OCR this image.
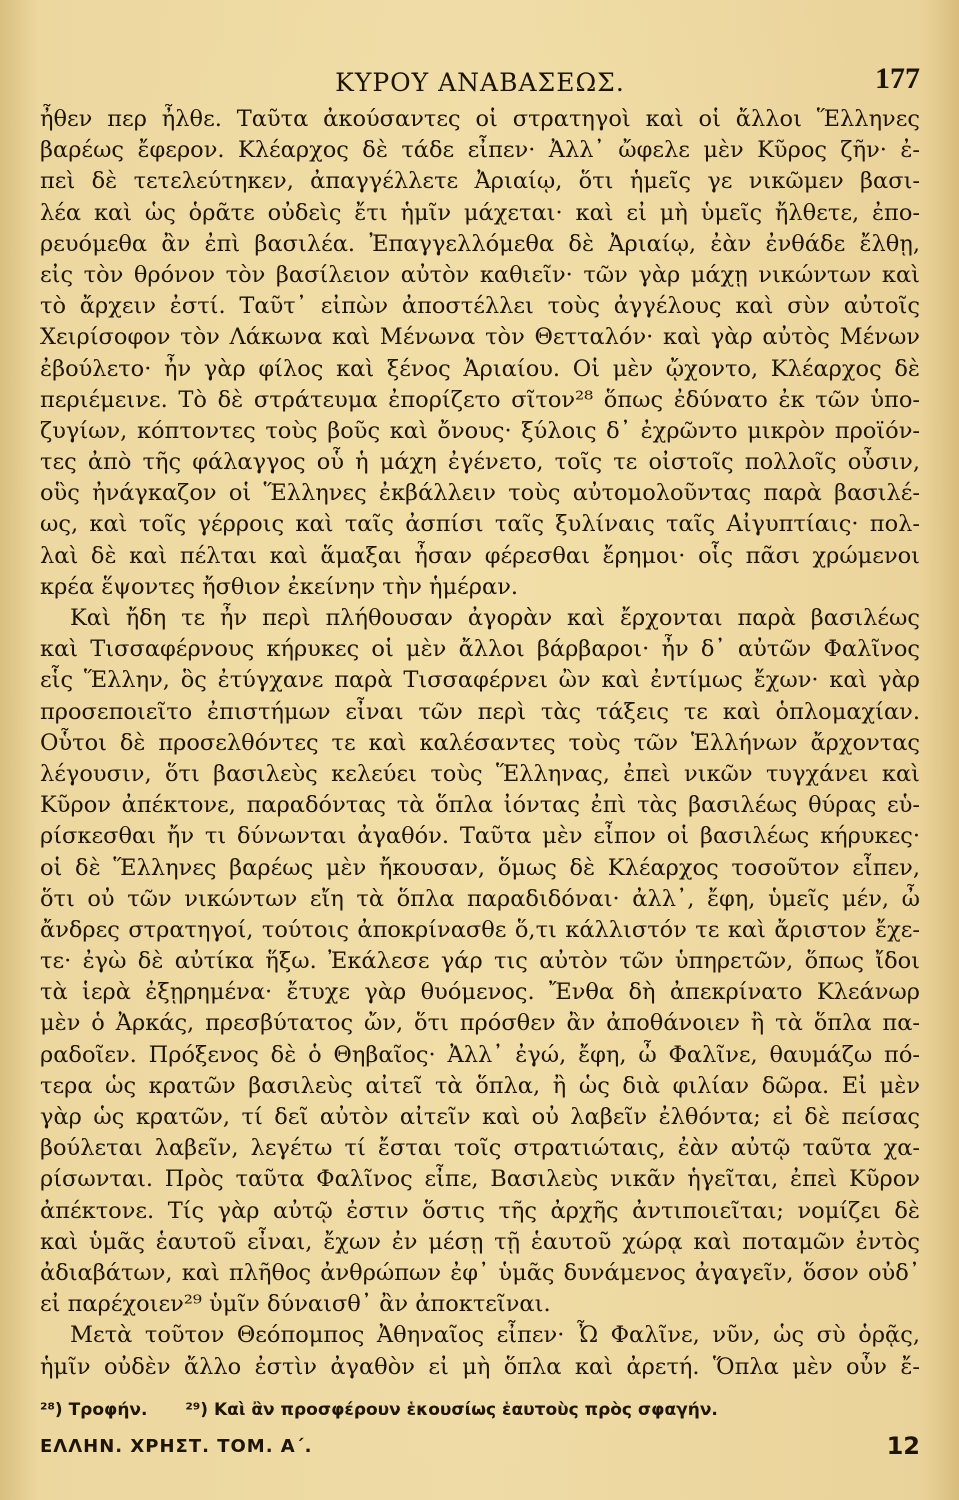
ΚΥΡΟΥ ΑΝΑΒΑΣΕΩΣ.	177
ἦθεν περ ἦλθε. Ταῦτα ἀκούσαντες οἱ στρατηγοὶ καὶ οἱ ἄλλοι Ἕλληνες
βαρέως ἔφερον. Κλέαρχος δὲ τάδε εἶπεν· Ἀλλ᾽ ὤφελε μὲν Κῦρος ζῆν· ἐ-
πεὶ δὲ τετελεύτηκεν, ἀπαγγέλλετε Ἀριαίῳ, ὅτι ἡμεῖς γε νικῶμεν βασι-
λέα καὶ ὡς ὁρᾶτε οὐδεὶς ἔτι ἡμῖν μάχεται· καὶ εἰ μὴ ὑμεῖς ἤλθετε, ἐπο-
ρευόμεθα ἂν ἐπὶ βασιλέα. Ἐπαγγελλόμεθα δὲ Ἀριαίῳ, ἐὰν ἐνθάδε ἔλθῃ,
εἰς τὸν θρόνον τὸν βασίλειον αὐτὸν καθιεῖν· τῶν γὰρ μάχῃ νικώντων καὶ
τὸ ἄρχειν ἐστί. Ταῦτ᾽ εἰπὼν ἀποστέλλει τοὺς ἀγγέλους καὶ σὺν αὐτοῖς
Χειρίσοφον τὸν Λάκωνα καὶ Μένωνα τὸν Θετταλόν· καὶ γὰρ αὐτὸς Μένων
ἐβούλετο· ἦν γὰρ φίλος καὶ ξένος Ἀριαίου. Οἱ μὲν ᾤχοντο, Κλέαρχος δὲ
περιέμεινε. Τὸ δὲ στράτευμα ἐπορίζετο σῖτον²⁸ ὅπως ἐδύνατο ἐκ τῶν ὑπο-
ζυγίων, κόπτοντες τοὺς βοῦς καὶ ὄνους· ξύλοις δ᾽ ἐχρῶντο μικρὸν προϊόν-
τες ἀπὸ τῆς φάλαγγος οὗ ἡ μάχη ἐγένετο, τοῖς τε οἰστοῖς πολλοῖς οὖσιν,
οὓς ἠνάγκαζον οἱ Ἕλληνες ἐκβάλλειν τοὺς αὐτομολοῦντας παρὰ βασιλέ-
ως, καὶ τοῖς γέρροις καὶ ταῖς ἀσπίσι ταῖς ξυλίναις ταῖς Αἰγυπτίαις· πολ-
λαὶ δὲ καὶ πέλται καὶ ἅμαξαι ἦσαν φέρεσθαι ἔρημοι· οἷς πᾶσι χρώμενοι
κρέα ἕψοντες ἤσθιον ἐκείνην τὴν ἡμέραν.
Καὶ ἤδη τε ἦν περὶ πλήθουσαν ἀγορὰν καὶ ἔρχονται παρὰ βασιλέως
καὶ Τισσαφέρνους κήρυκες οἱ μὲν ἄλλοι βάρβαροι· ἦν δ᾽ αὐτῶν Φαλῖνος
εἷς Ἕλλην, ὃς ἐτύγχανε παρὰ Τισσαφέρνει ὢν καὶ ἐντίμως ἔχων· καὶ γὰρ
προσεποιεῖτο ἐπιστήμων εἶναι τῶν περὶ τὰς τάξεις τε καὶ ὁπλομαχίαν.
Οὗτοι δὲ προσελθόντες τε καὶ καλέσαντες τοὺς τῶν Ἑλλήνων ἄρχοντας
λέγουσιν, ὅτι βασιλεὺς κελεύει τοὺς Ἕλληνας, ἐπεὶ νικῶν τυγχάνει καὶ
Κῦρον ἀπέκτονε, παραδόντας τὰ ὅπλα ἰόντας ἐπὶ τὰς βασιλέως θύρας εὑ-
ρίσκεσθαι ἤν τι δύνωνται ἀγαθόν. Ταῦτα μὲν εἶπον οἱ βασιλέως κήρυκες·
οἱ δὲ Ἕλληνες βαρέως μὲν ἤκουσαν, ὅμως δὲ Κλέαρχος τοσοῦτον εἶπεν,
ὅτι οὐ τῶν νικώντων εἴη τὰ ὅπλα παραδιδόναι· ἀλλ᾽, ἔφη, ὑμεῖς μέν, ὦ
ἄνδρες στρατηγοί, τούτοις ἀποκρίνασθε ὅ,τι κάλλιστόν τε καὶ ἄριστον ἔχε-
τε· ἐγὼ δὲ αὐτίκα ἥξω. Ἐκάλεσε γάρ τις αὐτὸν τῶν ὑπηρετῶν, ὅπως ἴδοι
τὰ ἱερὰ ἐξῃρημένα· ἔτυχε γὰρ θυόμενος. Ἔνθα δὴ ἀπεκρίνατο Κλεάνωρ
μὲν ὁ Ἀρκάς, πρεσβύτατος ὤν, ὅτι πρόσθεν ἂν ἀποθάνοιεν ἢ τὰ ὅπλα πα-
ραδοῖεν. Πρόξενος δὲ ὁ Θηβαῖος· Ἀλλ᾽ ἐγώ, ἔφη, ὦ Φαλῖνε, θαυμάζω πό-
τερα ὡς κρατῶν βασιλεὺς αἰτεῖ τὰ ὅπλα, ἢ ὡς διὰ φιλίαν δῶρα. Εἰ μὲν
γὰρ ὡς κρατῶν, τί δεῖ αὐτὸν αἰτεῖν καὶ οὐ λαβεῖν ἐλθόντα; εἰ δὲ πείσας
βούλεται λαβεῖν, λεγέτω τί ἔσται τοῖς στρατιώταις, ἐὰν αὐτῷ ταῦτα χα-
ρίσωνται. Πρὸς ταῦτα Φαλῖνος εἶπε, Βασιλεὺς νικᾶν ἡγεῖται, ἐπεὶ Κῦρον
ἀπέκτονε. Τίς γὰρ αὐτῷ ἐστιν ὅστις τῆς ἀρχῆς ἀντιποιεῖται; νομίζει δὲ
καὶ ὑμᾶς ἑαυτοῦ εἶναι, ἔχων ἐν μέσῃ τῇ ἑαυτοῦ χώρᾳ καὶ ποταμῶν ἐντὸς
ἀδιαβάτων, καὶ πλῆθος ἀνθρώπων ἐφ᾽ ὑμᾶς δυνάμενος ἀγαγεῖν, ὅσον οὐδ᾽
εἰ παρέχοιεν²⁹ ὑμῖν δύναισθ᾽ ἂν ἀποκτεῖναι.
Μετὰ τοῦτον Θεόπομπος Ἀθηναῖος εἶπεν· Ὦ Φαλῖνε, νῦν, ὡς σὺ ὁρᾷς,
ἡμῖν οὐδὲν ἄλλο ἐστὶν ἀγαθὸν εἰ μὴ ὅπλα καὶ ἀρετή. Ὅπλα μὲν οὖν ἔ-
²⁸) Τροφήν. ²⁹) Καὶ ἂν προσφέρουν ἑκουσίως ἑαυτοὺς πρὸς σφαγήν.
ΕΛΛΗΝ. ΧΡΗΣΤ. ΤΟΜ. Α΄.	12
